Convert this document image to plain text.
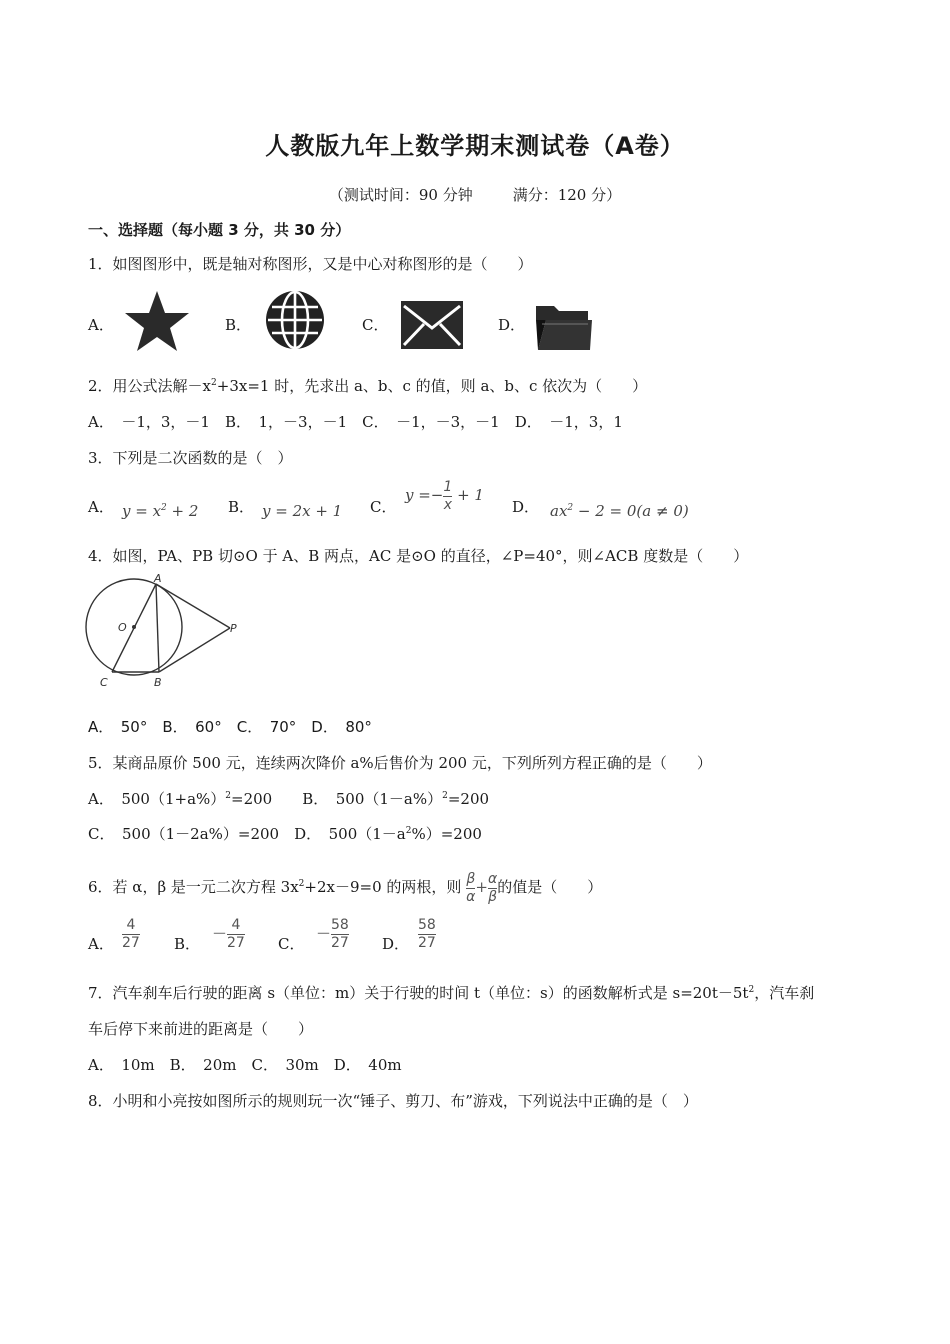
人教版九年上数学期末测试卷（A卷）
（测试时间：90 分钟	满分：120 分）
一、选择题（每小题 3 分，共 30 分）
1．如图图形中，既是轴对称图形，又是中心对称图形的是（　　）
A．	B．	C．	D．
2．用公式法解$-x^2+3x=1$ 时，先求出 a、b、c 的值，则 a、b、c 依次为（　　）
A．　－1，3，－1　B．　1，－3，－1　C．　－1，－3，－1　D．　－1，3，1
3．下列是二次函数的是（　）
A． $y = x^2 + 2$ B． y = 2x + 1 C．
$y =- \frac{1}{x} + 1$
D． $ax^2 - 2 = 0(a \ne 0)$
4．如图，PA、PB 切⊙O 于 A、B 两点，AC 是⊙O 的直径，∠P=40°，则∠ACB 度数是（　　）
A
O	P
C	B
A．　50°　B．　60°　C．　70°　D．　80°
5．某商品原价 500 元，连续两次降价 a%后售价为 200 元，下列所列方程正确的是（　　）
A．　$500(1+a\%)^2=200$　　B．　$500(1-a\%)^2=200$
C．　500（1－2a%）=200　D．　$500(1-a^2\%)=200$
6．若 α，β 是一元二次方程 $3x^2+2x-9=0$ 的两根，则 $\frac{\beta}{\alpha} + \frac{\alpha}{\beta}$ 的值是（　　）
A． $\frac{4}{27}$ B．
－ $\frac{4}{27}$ C．
－ $\frac{58}{27}$ D． $\frac{58}{27}$
7．汽车刹车后行驶的距离 s（单位：m）关于行驶的时间 t（单位：s）的函数解析式是 $s=20t-5t^2$，汽车刹
车后停下来前进的距离是（　　）
A．　10m　B．　20m　C．　30m　D．　40m
8．小明和小亮按如图所示的规则玩一次“锤子、剪刀、布”游戏，下列说法中正确的是（　）
